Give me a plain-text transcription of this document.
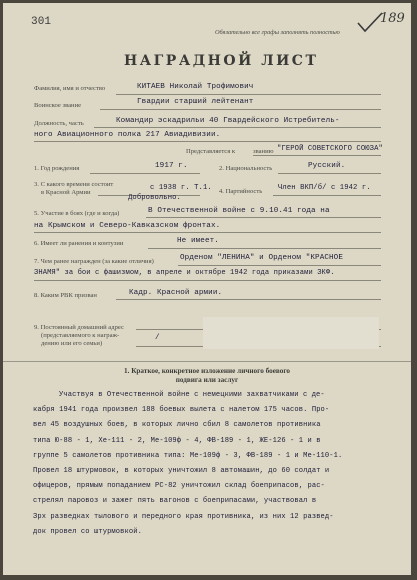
301
Обязательно все графы заполнять полностью
189
НАГРАДНОЙ ЛИСТ
Фамилия, имя и отчество	КИТАЕВ Николай Трофимович
Воинское звание	Гвардии старший лейтенант
Должность, часть	Командир эскадрильи 40 Гвардейского Истребитель-
ного Авиационного полка 217 Авиадивизии.
Представляется к	званию "ГЕРОЙ СОВЕТСКОГО СОЮЗА"
1. Год рождения	1917 г.	2. Национальность	Русский.
3. С какого времени состоит
в Красной Армии
с 1938 г. Т.1.
Добровольно.
4. Партийность Член ВКП/б/ с 1942 г.
5. Участие в боях (где и когда)	В Отечественной войне с 9.10.41 года на
на Крымском и Северо-Кавказском фронтах.
6. Имеет ли ранения и контузии	Не имеет.
7. Чем ранее награжден (за какие отличия)	Орденом "ЛЕНИНА" и Орденом "КРАСНОЕ
ЗНАМЯ" за бои с фашизмом, в апреле и октябре 1942 года приказами ЗКФ.
8. Каким РВК призван	Кадр. Красной армии.
9. Постоянный домашний адрес
(представляемого к награж-
дению или его семьи)
/
1. Краткое, конкретное изложение личного боевого
подвига или заслуг
Участвуя в Отечественной войне с немецкими захватчиками с де-
кабря 1941 года произвел 188 боевых вылета с налетом 175 часов. Про-
вел 45 воздушных боев, в которых лично сбил 8 самолетов противника
типа Ю-88 - 1, Хе-111 - 2, Ме-109ф - 4, ФВ-189 - 1, ЖЕ-126 - 1 и в
группе 5 самолетов противника типа: Ме-109ф - 3, ФВ-189 - 1 и Ме-110-1.
Провел 18 штурмовок, в которых уничтожил 8 автомашин, до 60 солдат и
офицеров, прямым попаданием РС-82 уничтожил склад боеприпасов, рас-
стрелял паровоз и зажег пять вагонов с боеприпасами, участвовал в
Зрх разведках тылового и передного края противника, из них 12 развед-
док провел со штурмовкой.
